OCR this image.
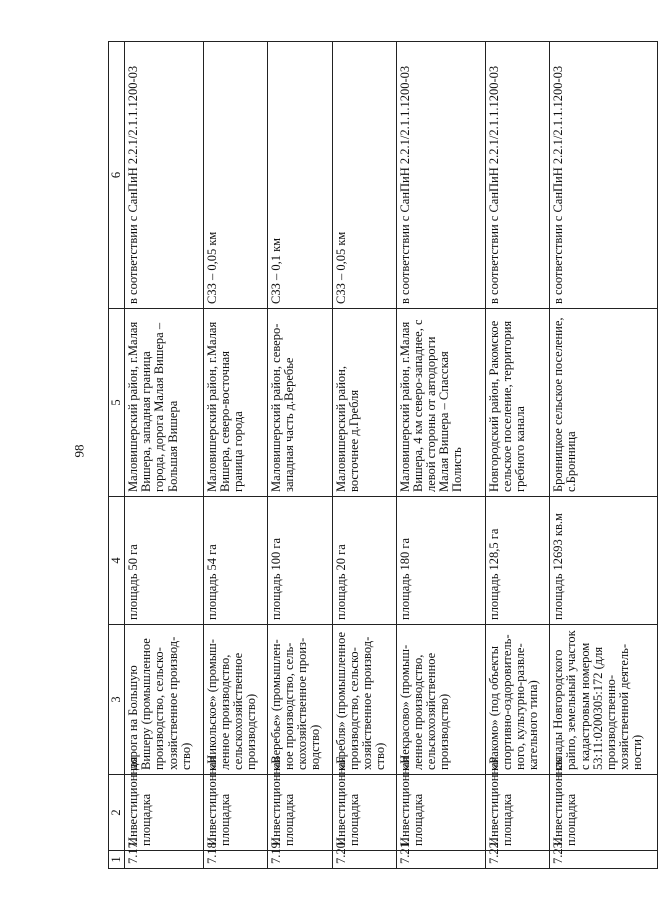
98
1	2	3	4	5	6
7.17.	Инвестиционная площадка	дорога на Большую Вишеру (промышленное производство, сельско-хозяйственное производ-ство)	площадь 50 га	Маловишерский район, г.Малая Вишера, западная граница города, дорога Малая Вишера – Большая Вишера	в соответствии с СанПиН 2.2.1/2.1.1.1200-03
7.18.	Инвестиционная площадка	«Никольское» (промыш-ленное производство, сельскохозяйственное производство)	площадь 54 га	Маловишерский район, г.Малая Вишера, северо-восточная граница города	СЗЗ – 0,05 км
7.19.	Инвестиционная площадка	«Веребье» (промышлен-ное производство, сель-скохозяйственное произ-водство)	площадь 100 га	Маловишерский район, северо-западная часть д.Веребье	СЗЗ – 0,1 км
7.20.	Инвестиционная площадка	«Гребля» (промышленное производство, сельско-хозяйственное производ-ство)	площадь 20 га	Маловишерский район, восточнее д.Гребля	СЗЗ – 0,05 км
7.21.	Инвестиционная площадка	«Некрасово» (промыш-ленное производство, сельскохозяйственное производство)	площадь 180 га	Маловишерский район, г.Малая Вишера, 4 км северо-западнее, с левой стороны от автодороги Малая Вишера – Спасская Полисть	в соответствии с СанПиН 2.2.1/2.1.1.1200-03
7.22.	Инвестиционная площадка	«Ракомо» (под объекты спортивно-оздоровитель-ного, культурно-развле-кательного типа)	площадь 128,5 га	Новгородский район, Ракомское сельское поселение, территория гребного канала	в соответствии с СанПиН 2.2.1/2.1.1.1200-03
7.23.	Инвестиционная площадка	склады Новгородского райпо, земельный участок с кадастровым номером 53:11:0200305:172 (для производственно-хозяйственной деятель-ности)	площадь 12693 кв.м	Бронницкое сельское поселение, с.Бронница	в соответствии с СанПиН 2.2.1/2.1.1.1200-03
